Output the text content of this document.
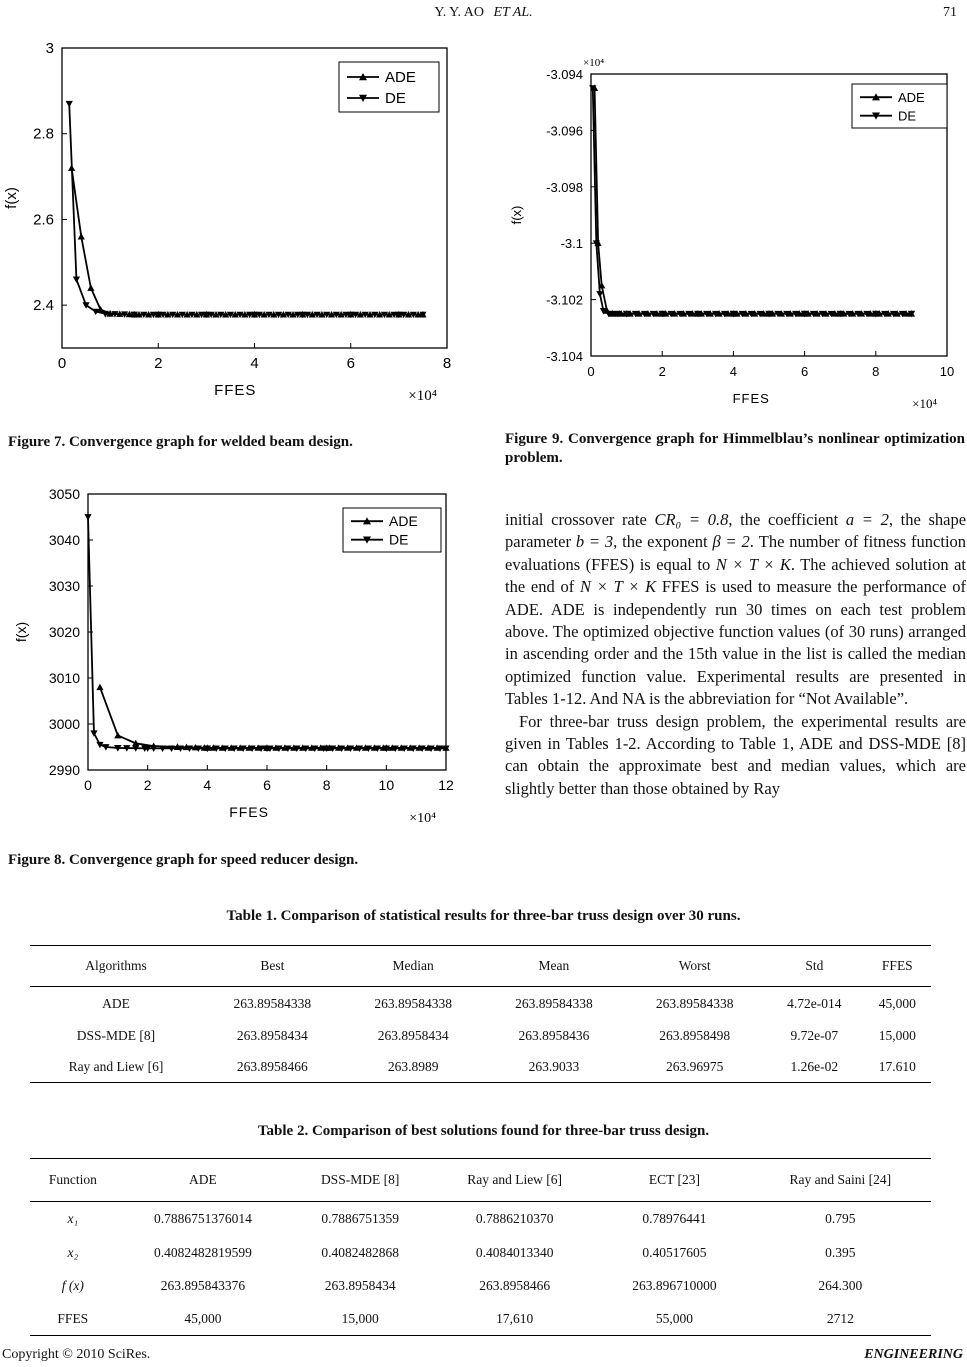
Y. Y. AO ET AL.	71
0	2	4	6	8
3
2.8
2.6
2.4
FFES	×10⁴
f(x)
ADE
DE
Figure 7. Convergence graph for welded beam design.
0	2	4	6	8	10	12
3050
3040
3030
3020
3010
3000
2990
FFES	×10⁴
f(x)
ADE
DE
Figure 8. Convergence graph for speed reducer design.
0	2	4	6	8	10
-3.094
-3.096
-3.098
-3.1
-3.102
-3.104
FFES	×10⁴
f(x)
×10⁴
ADE
DE
Figure 9. Convergence graph for Himmelblau’s nonlinear optimization problem.

initial crossover rate CR₀ = 0.8, the coefficient a = 2, the shape parameter b = 3, the exponent β = 2. The number of fitness function evaluations (FFES) is equal to N × T × K. The achieved solution at the end of N × T × K FFES is used to measure the performance of ADE. ADE is independently run 30 times on each test problem above. The optimized objective function values (of 30 runs) arranged in ascending order and the 15th value in the list is called the median optimized function value. Experimental results are presented in Tables 1-12. And NA is the abbreviation for “Not Available”.

For three-bar truss design problem, the experimental results are given in Tables 1-2. According to Table 1, ADE and DSS-MDE [8] can obtain the approximate best and median values, which are slightly better than those obtained by Ray

Table 1. Comparison of statistical results for three-bar truss design over 30 runs.
Algorithms	Best	Median	Mean	Worst	Std	FFES
ADE	263.89584338	263.89584338	263.89584338	263.89584338	4.72e-014	45,000
DSS-MDE [8]	263.8958434	263.8958434	263.8958436	263.8958498	9.72e-07	15,000
Ray and Liew [6]	263.8958466	263.8989	263.9033	263.96975	1.26e-02	17.610
Table 2. Comparison of best solutions found for three-bar truss design.
Function	ADE	DSS-MDE [8]	Ray and Liew [6]	ECT [23]	Ray and Saini [24]
x₁	0.7886751376014	0.7886751359	0.7886210370	0.78976441	0.795
x₂	0.4082482819599	0.4082482868	0.4084013340	0.40517605	0.395
f (x)	263.895843376	263.8958434	263.8958466	263.896710000	264.300
FFES	45,000	15,000	17,610	55,000	2712
Copyright © 2010 SciRes.	ENGINEERING
